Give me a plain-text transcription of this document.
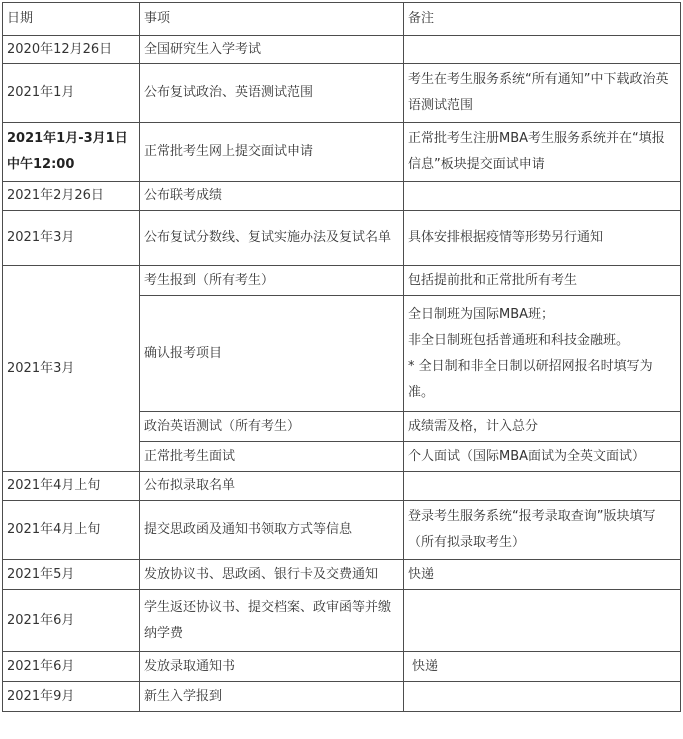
日期	事项	备注
2020年12月26日	全国研究生入学考试	
2021年1月	公布复试政治、英语测试范围	考生在考生服务系统“所有通知”中下载政治英语测试范围
2021年1月-3月1日中午12:00	正常批考生网上提交面试申请	正常批考生注册MBA考生服务系统并在“填报信息”板块提交面试申请
2021年2月26日	公布联考成绩	
2021年3月	公布复试分数线、复试实施办法及复试名单	具体安排根据疫情等形势另行通知
2021年3月	考生报到（所有考生）	包括提前批和正常批所有考生
	确认报考项目	全日制班为国际MBA班；
非全日制班包括普通班和科技金融班。
* 全日制和非全日制以研招网报名时填写为准。

	政治英语测试（所有考生）	成绩需及格，计入总分
	正常批考生面试	个人面试（国际MBA面试为全英文面试）
2021年4月上旬	公布拟录取名单	
2021年4月上旬	提交思政函及通知书领取方式等信息	登录考生服务系统“报考录取查询”版块填写（所有拟录取考生）
2021年5月	发放协议书、思政函、银行卡及交费通知	快递
2021年6月	学生返还协议书、提交档案、政审函等并缴纳学费	
2021年6月	发放录取通知书	快递
2021年9月	新生入学报到	
